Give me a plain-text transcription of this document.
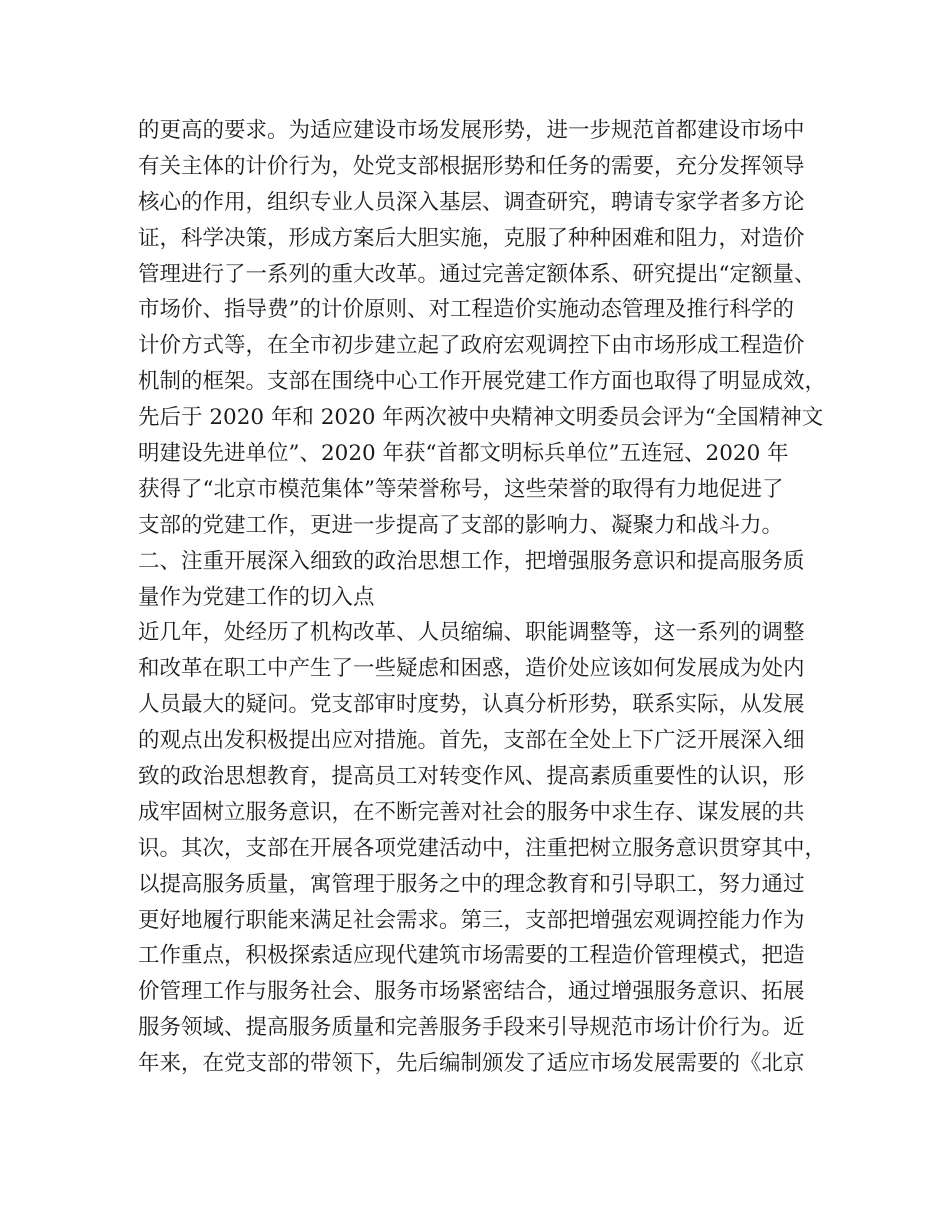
的更高的要求。为适应建设市场发展形势，进一步规范首都建设市场中
有关主体的计价行为，处党支部根据形势和任务的需要，充分发挥领导
核心的作用，组织专业人员深入基层、调查研究，聘请专家学者多方论
证，科学决策，形成方案后大胆实施，克服了种种困难和阻力，对造价
管理进行了一系列的重大改革。通过完善定额体系、研究提出“定额量、
市场价、指导费”的计价原则、对工程造价实施动态管理及推行科学的
计价方式等，在全市初步建立起了政府宏观调控下由市场形成工程造价
机制的框架。支部在围绕中心工作开展党建工作方面也取得了明显成效，
先后于 2020 年和 2020 年两次被中央精神文明委员会评为“全国精神文
明建设先进单位”、2020 年获“首都文明标兵单位”五连冠、2020 年
获得了“北京市模范集体”等荣誉称号，这些荣誉的取得有力地促进了
支部的党建工作，更进一步提高了支部的影响力、凝聚力和战斗力。
二、注重开展深入细致的政治思想工作，把增强服务意识和提高服务质
量作为党建工作的切入点
近几年，处经历了机构改革、人员缩编、职能调整等，这一系列的调整
和改革在职工中产生了一些疑虑和困惑，造价处应该如何发展成为处内
人员最大的疑问。党支部审时度势，认真分析形势，联系实际，从发展
的观点出发积极提出应对措施。首先，支部在全处上下广泛开展深入细
致的政治思想教育，提高员工对转变作风、提高素质重要性的认识，形
成牢固树立服务意识，在不断完善对社会的服务中求生存、谋发展的共
识。其次，支部在开展各项党建活动中，注重把树立服务意识贯穿其中，
以提高服务质量，寓管理于服务之中的理念教育和引导职工，努力通过
更好地履行职能来满足社会需求。第三，支部把增强宏观调控能力作为
工作重点，积极探索适应现代建筑市场需要的工程造价管理模式，把造
价管理工作与服务社会、服务市场紧密结合，通过增强服务意识、拓展
服务领域、提高服务质量和完善服务手段来引导规范市场计价行为。近
年来，在党支部的带领下，先后编制颁发了适应市场发展需要的《北京
